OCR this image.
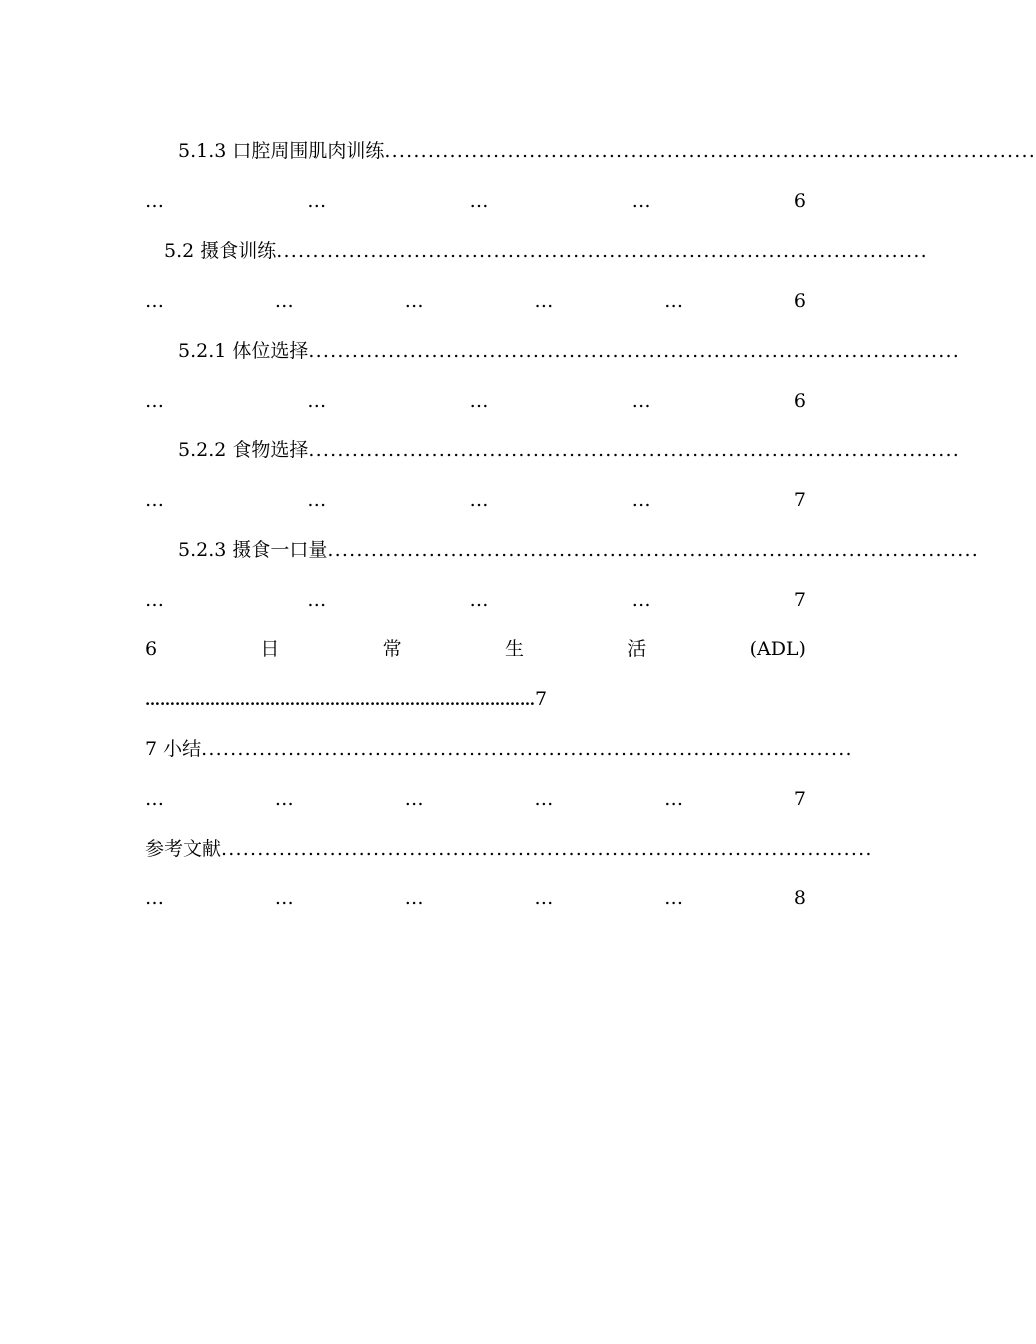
5.1.3 口腔周围肌肉训练 ..........................................................................................
…	…	…	…	6
5.2 摄食训练 ..........................................................................................
…	…	…	…	…	6
5.2.1 体位选择 ..........................................................................................
…	…	…	…	6
5.2.2 食物选择 ..........................................................................................
…	…	…	…	7
5.2.3 摄食一口量 ..........................................................................................
…	…	…	…	7
6	日	常	生	活	(ADL)
……………………………………………………………………7
7 小结 ..........................................................................................
…	…	…	…	…	7
参考文献 ..........................................................................................
…	…	…	…	…	8
